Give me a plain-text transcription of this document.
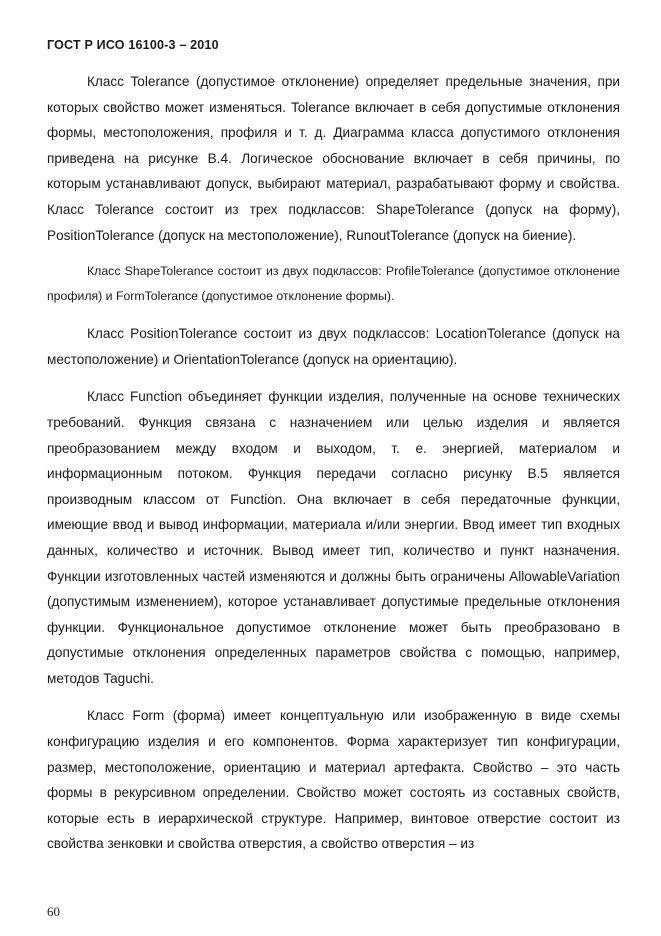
ГОСТ Р ИСО 16100-3 – 2010

Класс Tolerance (допустимое отклонение) определяет предельные значения, при которых свойство может изменяться. Tolerance включает в себя допустимые отклонения формы, местоположения, профиля и т. д. Диаграмма класса допустимого отклонения приведена на рисунке В.4. Логическое обоснование включает в себя причины, по которым устанавливают допуск, выбирают материал, разрабатывают форму и свойства. Класс Tolerance состоит из трех подклассов: ShapeTolerance (допуск на форму), PositionTolerance (допуск на местоположение), RunoutTolerance (допуск на биение).

Класс ShapeTolerance состоит из двух подклассов: ProfileTolerance (допустимое отклонение профиля) и FormTolerance (допустимое отклонение формы).

Класс PositionTolerance состоит из двух подклассов: LocationTolerance (допуск на местоположение) и OrientationTolerance (допуск на ориентацию).

Класс Function объединяет функции изделия, полученные на основе технических требований. Функция связана с назначением или целью изделия и является преобразованием между входом и выходом, т. е. энергией, материалом и информационным потоком. Функция передачи согласно рисунку В.5 является производным классом от Function. Она включает в себя передаточные функции, имеющие ввод и вывод информации, материала и/или энергии. Ввод имеет тип входных данных, количество и источник. Вывод имеет тип, количество и пункт назначения. Функции изготовленных частей изменяются и должны быть ограничены AllowableVariation (допустимым изменением), которое устанавливает допустимые предельные отклонения функции. Функциональное допустимое отклонение может быть преобразовано в допустимые отклонения определенных параметров свойства с помощью, например, методов Taguchi.

Класс Form (форма) имеет концептуальную или изображенную в виде схемы конфигурацию изделия и его компонентов. Форма характеризует тип конфигурации, размер, местоположение, ориентацию и материал артефакта. Свойство – это часть формы в рекурсивном определении. Свойство может состоять из составных свойств, которые есть в иерархической структуре. Например, винтовое отверстие состоит из свойства зенковки и свойства отверстия, а свойство отверстия – из

60
